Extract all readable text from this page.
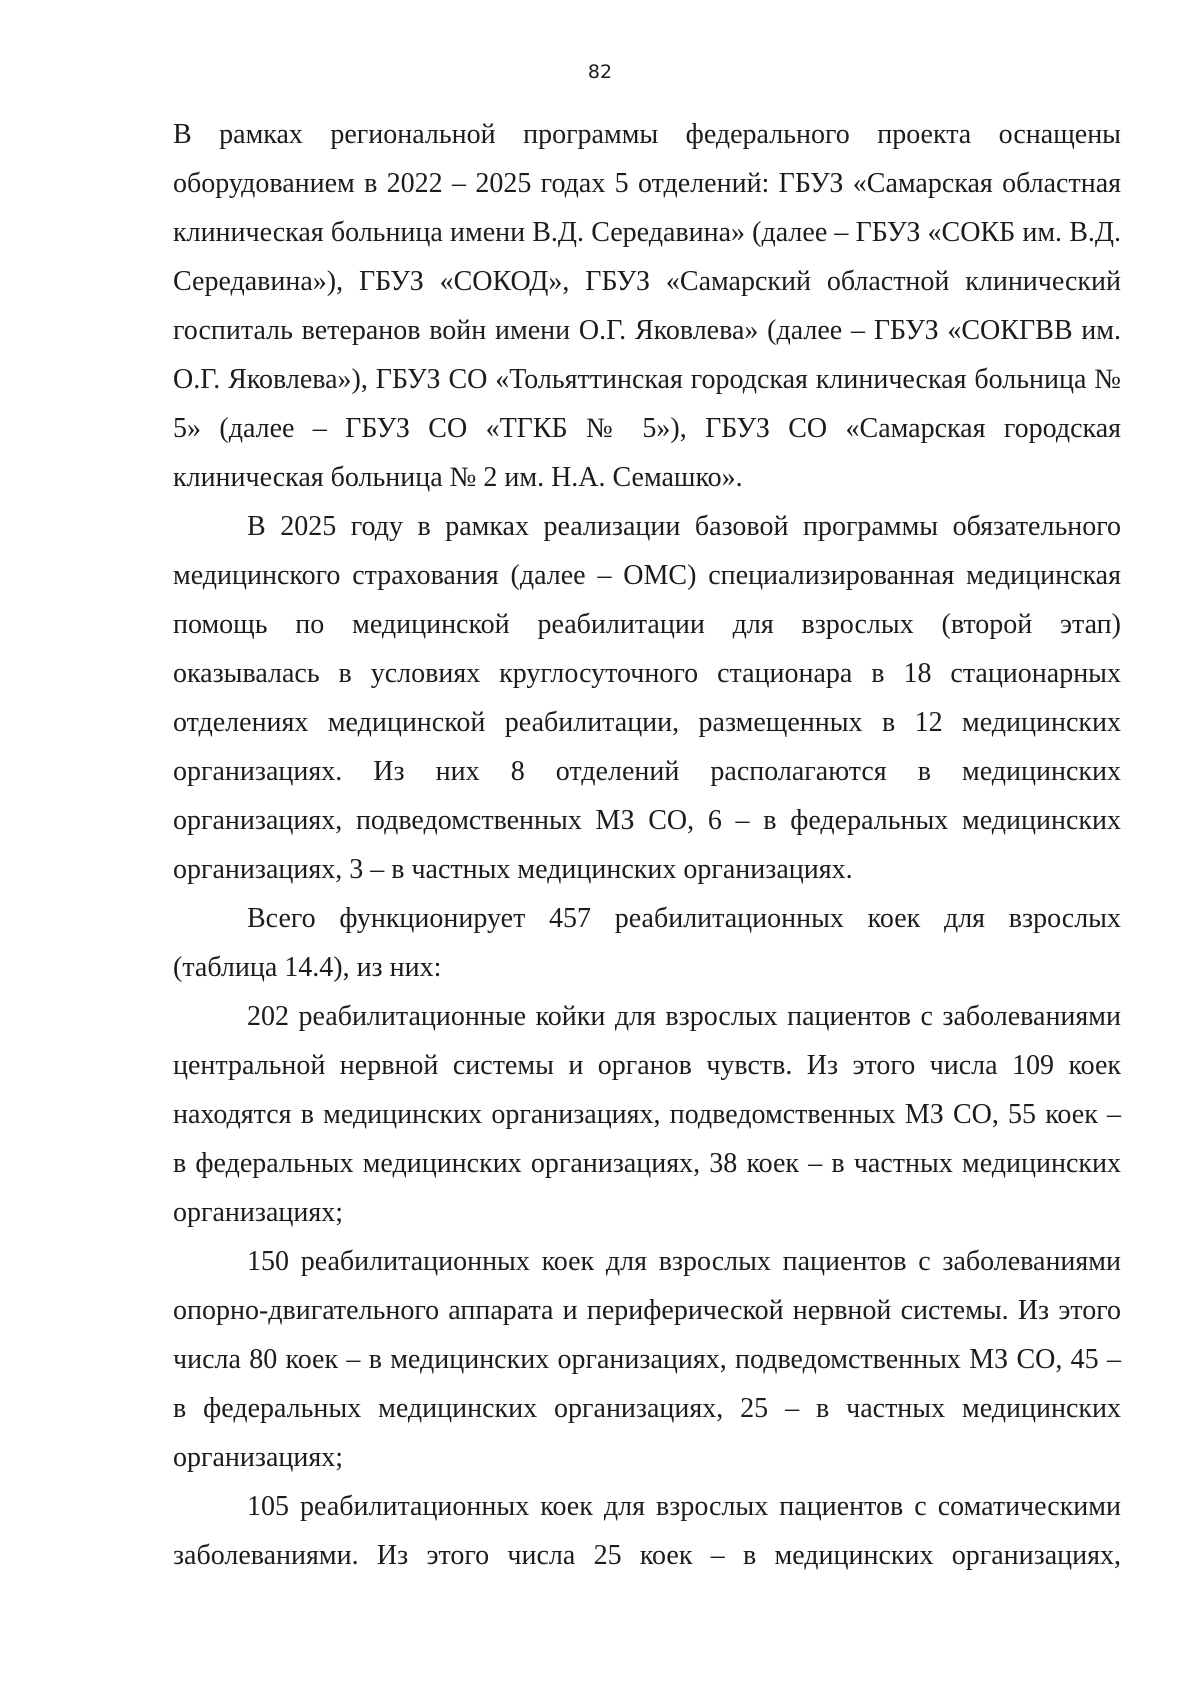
82

В рамках региональной программы федерального проекта оснащены оборудованием в 2022 – 2025 годах 5 отделений: ГБУЗ «Самарская областная клиническая больница имени В.Д. Середавина» (далее – ГБУЗ «СОКБ им. В.Д. Середавина»), ГБУЗ «СОКОД», ГБУЗ «Самарский областной клинический госпиталь ветеранов войн имени О.Г. Яковлева» (далее – ГБУЗ «СОКГВВ им. О.Г. Яковлева»), ГБУЗ СО «Тольяттинская городская клиническая больница № 5» (далее – ГБУЗ СО «ТГКБ № 5»), ГБУЗ СО «Самарская городская клиническая больница № 2 им. Н.А. Семашко».

В 2025 году в рамках реализации базовой программы обязательного медицинского страхования (далее – ОМС) специализированная медицинская помощь по медицинской реабилитации для взрослых (второй этап) оказывалась в условиях круглосуточного стационара в 18 стационарных отделениях медицинской реабилитации, размещенных в 12 медицинских организациях. Из них 8 отделений располагаются в медицинских организациях, подведомственных МЗ СО, 6 – в федеральных медицинских организациях, 3 – в частных медицинских организациях.

Всего функционирует 457 реабилитационных коек для взрослых (таблица 14.4), из них:

202 реабилитационные койки для взрослых пациентов с заболеваниями центральной нервной системы и органов чувств. Из этого числа 109 коек находятся в медицинских организациях, подведомственных МЗ СО, 55 коек – в федеральных медицинских организациях, 38 коек – в частных медицинских организациях;

150 реабилитационных коек для взрослых пациентов с заболеваниями опорно-двигательного аппарата и периферической нервной системы. Из этого числа 80 коек – в медицинских организациях, подведомственных МЗ СО, 45 – в федеральных медицинских организациях, 25 – в частных медицинских организациях;

105 реабилитационных коек для взрослых пациентов с соматическими заболеваниями. Из этого числа 25 коек – в медицинских организациях,
